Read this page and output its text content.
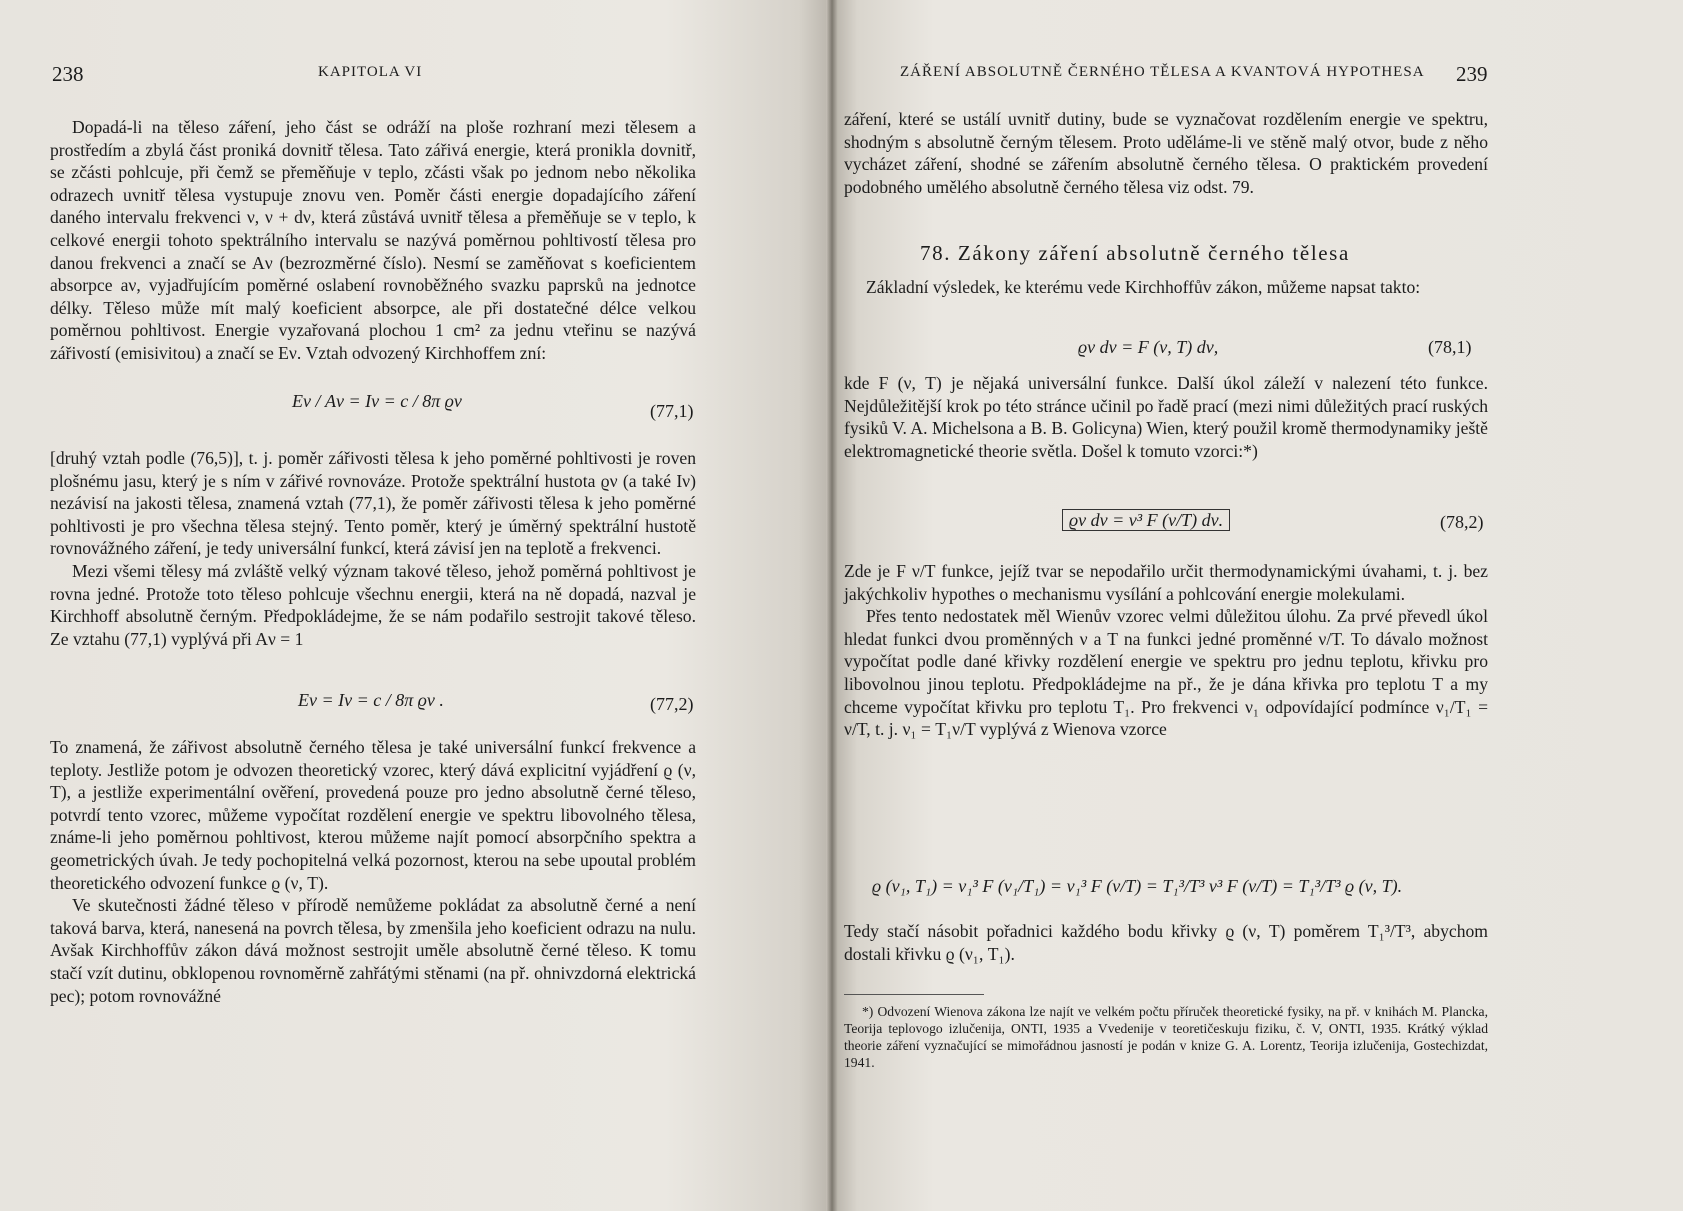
238	KAPITOLA VI

Dopadá-li na těleso záření, jeho část se odráží na ploše rozhraní mezi tělesem a prostředím a zbylá část proniká dovnitř tělesa. Tato zářivá energie, která pronikla dovnitř, se zčásti pohlcuje, při čemž se přeměňuje v teplo, zčásti však po jednom nebo několika odrazech uvnitř tělesa vystupuje znovu ven. Poměr části energie dopadajícího záření daného intervalu frekvenci ν, ν + dν, která zůstává uvnitř tělesa a přeměňuje se v teplo, k celkové energii tohoto spektrálního intervalu se nazývá poměrnou pohltivostí tělesa pro danou frekvenci a značí se Aν (bezrozměrné číslo). Nesmí se zaměňovat s koeficientem absorpce aν, vyjadřujícím poměrné oslabení rovnoběžného svazku paprsků na jednotce délky. Těleso může mít malý koeficient absorpce, ale při dostatečné délce velkou poměrnou pohltivost. Energie vyzařovaná plochou 1 cm² za jednu vteřinu se nazývá zářivostí (emisivitou) a značí se Eν. Vztah odvozený Kirchhoffem zní:

Eν / Aν = Iν = c / 8π ϱν	(77,1)

[druhý vztah podle (76,5)], t. j. poměr zářivosti tělesa k jeho poměrné pohltivosti je roven plošnému jasu, který je s ním v zářivé rovnováze. Protože spektrální hustota ϱν (a také Iν) nezávisí na jakosti tělesa, znamená vztah (77,1), že poměr zářivosti tělesa k jeho poměrné pohltivosti je pro všechna tělesa stejný. Tento poměr, který je úměrný spektrální hustotě rovnovážného záření, je tedy universální funkcí, která závisí jen na teplotě a frekvenci.

Mezi všemi tělesy má zvláště velký význam takové těleso, jehož poměrná pohltivost je rovna jedné. Protože toto těleso pohlcuje všechnu energii, která na ně dopadá, nazval je Kirchhoff absolutně černým. Předpokládejme, že se nám podařilo sestrojit takové těleso. Ze vztahu (77,1) vyplývá při Aν = 1

Eν = Iν = c / 8π ϱν .	(77,2)

To znamená, že zářivost absolutně černého tělesa je také universální funkcí frekvence a teploty. Jestliže potom je odvozen theoretický vzorec, který dává explicitní vyjádření ϱ (ν, T), a jestliže experimentální ověření, provedená pouze pro jedno absolutně černé těleso, potvrdí tento vzorec, můžeme vypočítat rozdělení energie ve spektru libovolného tělesa, známe-li jeho poměrnou pohltivost, kterou můžeme najít pomocí absorpčního spektra a geometrických úvah. Je tedy pochopitelná velká pozornost, kterou na sebe upoutal problém theoretického odvození funkce ϱ (ν, T).

Ve skutečnosti žádné těleso v přírodě nemůžeme pokládat za absolutně černé a není taková barva, která, nanesená na povrch tělesa, by zmenšila jeho koeficient odrazu na nulu. Avšak Kirchhoffův zákon dává možnost sestrojit uměle absolutně černé těleso. K tomu stačí vzít dutinu, obklopenou rovnoměrně zahřátými stěnami (na př. ohnivzdorná elektrická pec); potom rovnovážné

ZÁŘENÍ ABSOLUTNĚ ČERNÉHO TĚLESA A KVANTOVÁ HYPOTHESA 239

záření, které se ustálí uvnitř dutiny, bude se vyznačovat rozdělením energie ve spektru, shodným s absolutně černým tělesem. Proto uděláme-li ve stěně malý otvor, bude z něho vycházet záření, shodné se zářením absolutně černého tělesa. O praktickém provedení podobného umělého absolutně černého tělesa viz odst. 79.

78. Zákony záření absolutně černého tělesa

Základní výsledek, ke kterému vede Kirchhoffův zákon, můžeme napsat takto:

ϱν dν = F (ν, T) dν,	(78,1)

kde F (ν, T) je nějaká universální funkce. Další úkol záleží v nalezení této funkce. Nejdůležitější krok po této stránce učinil po řadě prací (mezi nimi důležitých prací ruských fysiků V. A. Michelsona a B. B. Golicyna) Wien, který použil kromě thermodynamiky ještě elektromagnetické theorie světla. Došel k tomuto vzorci:*)

ϱν dν = ν³ F (ν/T) dν.	(78,2)

Zde je F ν/T funkce, jejíž tvar se nepodařilo určit thermodynamickými úvahami, t. j. bez jakýchkoliv hypothes o mechanismu vysílání a pohlcování energie molekulami.

Přes tento nedostatek měl Wienův vzorec velmi důležitou úlohu. Za prvé převedl úkol hledat funkci dvou proměnných ν a T na funkci jedné proměnné ν/T. To dávalo možnost vypočítat podle dané křivky rozdělení energie ve spektru pro jednu teplotu, křivku pro libovolnou jinou teplotu. Předpokládejme na př., že je dána křivka pro teplotu T a my chceme vypočítat křivku pro teplotu T₁. Pro frekvenci ν₁ odpovídající podmínce ν₁/T₁ = ν/T, t. j. ν₁ = T₁ν/T vyplývá z Wienova vzorce

ϱ (ν₁, T₁) = ν₁³ F (ν₁/T₁) = ν₁³ F (ν/T) = T₁³/T³ ν³ F (ν/T) = T₁³/T³ ϱ (ν, T).

Tedy stačí násobit pořadnici každého bodu křivky ϱ (ν, T) poměrem T₁³/T³, abychom dostali křivku ϱ (ν₁, T₁).

*) Odvození Wienova zákona lze najít ve velkém počtu příruček theoretické fysiky, na př. v knihách M. Plancka, Teorija teplovogo izlučenija, ONTI, 1935 a Vvedenije v teoretičeskuju fiziku, č. V, ONTI, 1935. Krátký výklad theorie záření vyznačující se mimořádnou jasností je podán v knize G. A. Lorentz, Teorija izlučenija, Gostechizdat, 1941.
